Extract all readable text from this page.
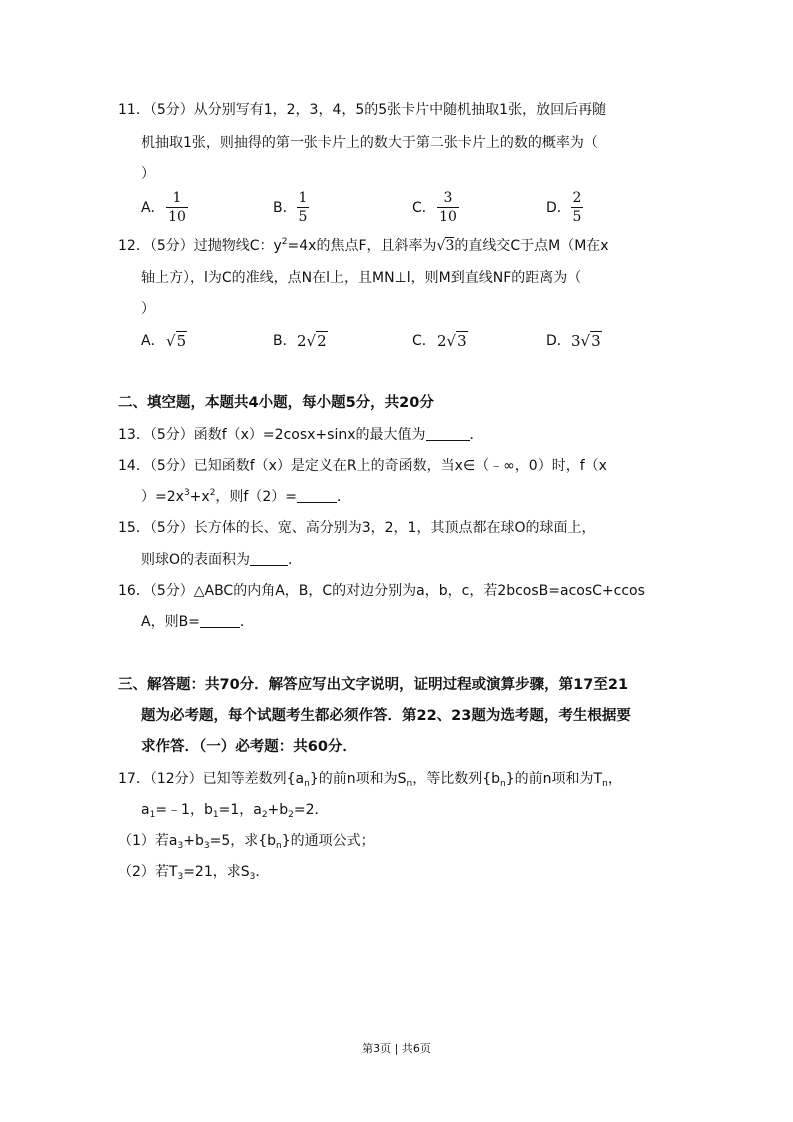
11．（5分）从分别写有1，2，3，4，5的5张卡片中随机抽取1张，放回后再随
机抽取1张，则抽得的第一张卡片上的数大于第二张卡片上的数的概率为（
）
A．
1
10
B．
1
5
C．
3
10
D．
2
5
12．（5分）过抛物线C：$y^2=4x$的焦点F，且斜率为√3的直线交C于点M（M在x
轴上方），l为C的准线，点N在l上，且MN⊥l，则M到直线NF的距离为（
）
A． √5	B． 2√2	C． 2√3	D． 3√3
二、填空题，本题共4小题，每小题5分，共20分
13．（5分）函数f（x）=2cosx+sinx的最大值为	．
14．（5分）已知函数f（x）是定义在R上的奇函数，当x∈（﹣∞，0）时，f（x
）$=2x^3+x^2$，则f（2）=	．
15．（5分）长方体的长、宽、高分别为3，2，1，其顶点都在球O的球面上，
则球O的表面积为	．
16．（5分）△ABC的内角A，B，C的对边分别为a，b，c，若2bcosB=acosC+ccos
A，则B=	．
三、解答题：共70分．解答应写出文字说明，证明过程或演算步骤，第17至21
题为必考题，每个试题考生都必须作答．第22、23题为选考题，考生根据要
求作答．（一）必考题：共60分．
17．（12分）已知等差数列$\{a_n\}$的前n项和为$S_n$，等比数列$\{b_n\}$的前n项和为$T_n$，
$a_1=﹣1$，$b_1=1$，$a_2+b_2=2$．
（1）若$a_3+b_3=5$，求$\{b_n\}$的通项公式；
（2）若$T_3=21$，求$S_3$．
第3页 | 共6页
